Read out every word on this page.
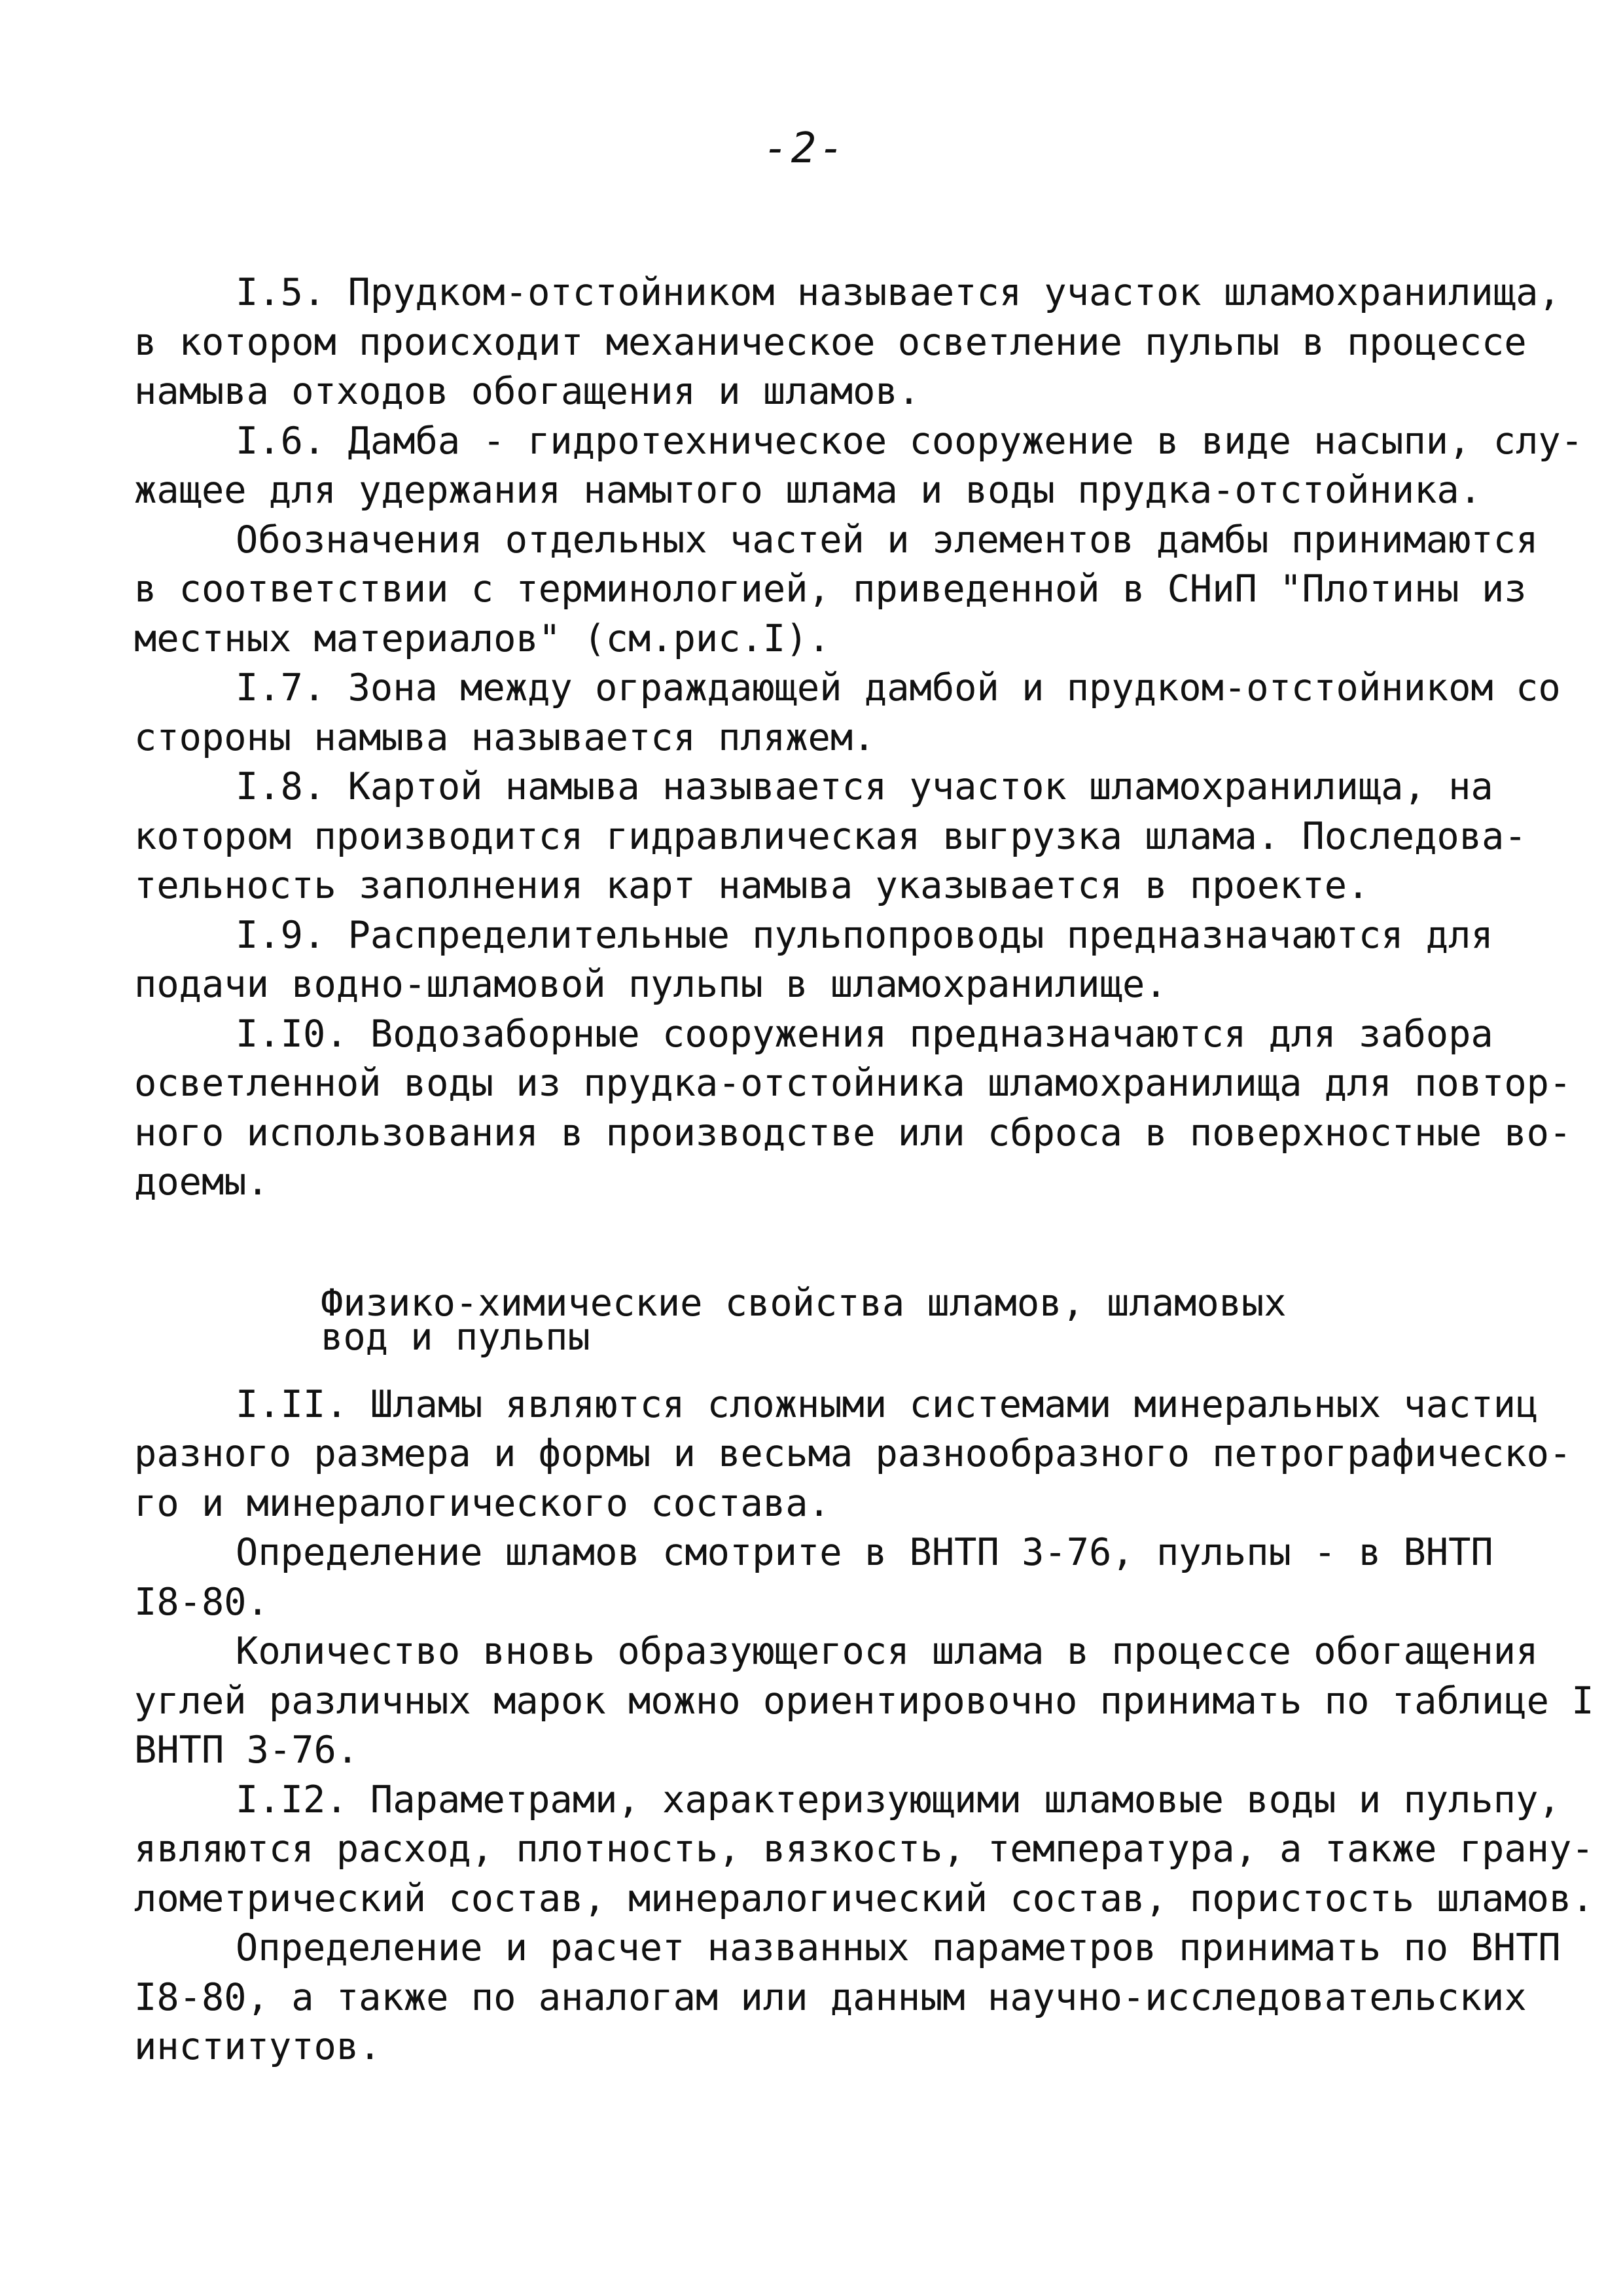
-2-
I.5. Прудком-отстойником называется участок шламохранилища,
в котором происходит механическое осветление пульпы в процессе
намыва отходов обогащения и шламов.
I.6. Дамба - гидротехническое сооружение в виде насыпи, слу-
жащее для удержания намытого шлама и воды прудка-отстойника.
Обозначения отдельных частей и элементов дамбы принимаются
в соответствии с терминологией, приведенной в СНиП "Плотины из
местных материалов" (см.рис.I).
I.7. Зона между ограждающей дамбой и прудком-отстойником со
стороны намыва называется пляжем.
I.8. Картой намыва называется участок шламохранилища, на
котором производится гидравлическая выгрузка шлама. Последова-
тельность заполнения карт намыва указывается в проекте.
I.9. Распределительные пульпопроводы предназначаются для
подачи водно-шламовой пульпы в шламохранилище.
I.I0. Водозаборные сооружения предназначаются для забора
осветленной воды из прудка-отстойника шламохранилища для повтор-
ного использования в производстве или сброса в поверхностные во-
доемы.
Физико-химические свойства шламов, шламовых
вод и пульпы
I.II. Шламы являются сложными системами минеральных частиц
разного размера и формы и весьма разнообразного петрографическо-
го и минералогического состава.
Определение шламов смотрите в ВНТП 3-76, пульпы - в ВНТП
I8-80.
Количество вновь образующегося шлама в процессе обогащения
углей различных марок можно ориентировочно принимать по таблице I
ВНТП 3-76.
I.I2. Параметрами, характеризующими шламовые воды и пульпу,
являются расход, плотность, вязкость, температура, а также грану-
лометрический состав, минералогический состав, пористость шламов.
Определение и расчет названных параметров принимать по ВНТП
I8-80, а также по аналогам или данным научно-исследовательских
институтов.
